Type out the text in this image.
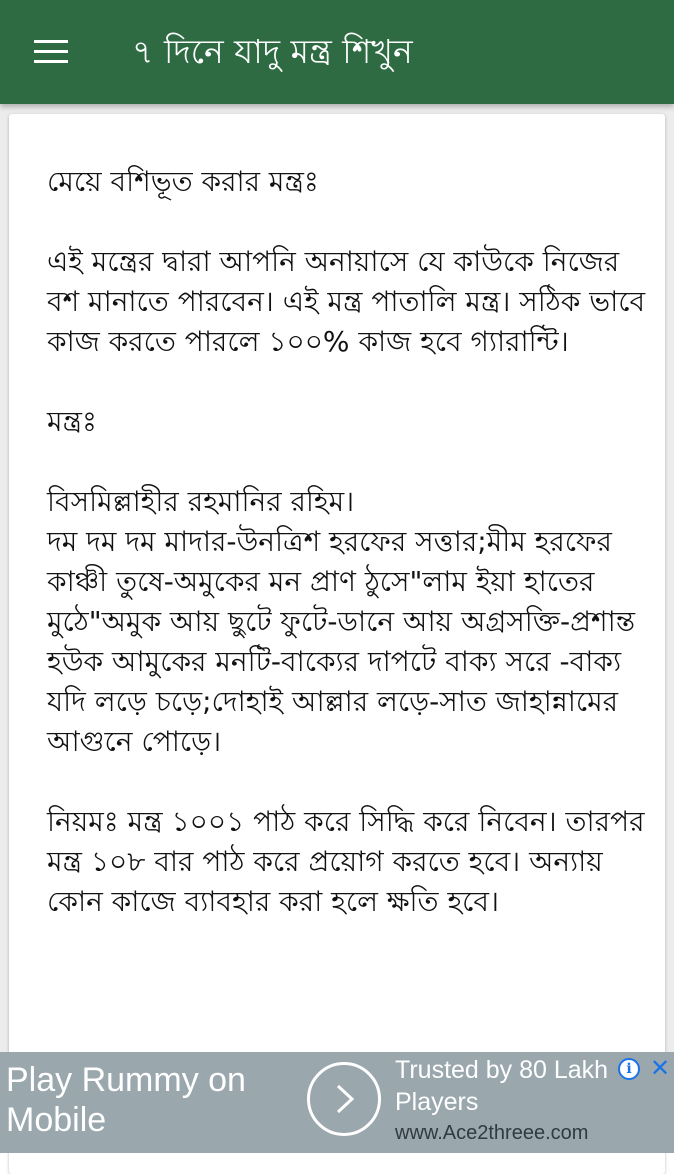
৭ দিনে যাদু মন্ত্র শিখুন
মেয়ে বশিভূত করার মন্ত্রঃ

এই মন্ত্রের দ্বারা আপনি অনায়াসে যে কাউকে নিজের বশ মানাতে পারবেন। এই মন্ত্র পাতালি মন্ত্র। সঠিক ভাবে কাজ করতে পারলে ১০০% কাজ হবে গ্যারান্টি।

মন্ত্রঃ

বিসমিল্লাহীর রহমানির রহিম।
দম দম দম মাদার-উনত্রিশ হরফের সত্তার;মীম হরফের কাঞ্চী তুষে-অমুকের মন প্রাণ ঠুসে"লাম ইয়া হাতের মুঠে"অমুক আয় ছুটে ফুটে-ডানে আয় অগ্রসক্তি-প্রশান্ত হউক আমুকের মনটি-বাক্যের দাপটে বাক্য সরে -বাক্য যদি লড়ে চড়ে;দোহাই আল্লার লড়ে-সাত জাহান্নামের আগুনে পোড়ে।

নিয়মঃ মন্ত্র ১০০১ পাঠ করে সিদ্ধি করে নিবেন। তারপর মন্ত্র ১০৮ বার পাঠ করে প্রয়োগ করতে হবে। অন্যায় কোন কাজে ব্যাবহার করা হলে ক্ষতি হবে।
Play Rummy on
Mobile
Trusted by 80 Lakh
Players
www.Ace2threee.com
i ✕
